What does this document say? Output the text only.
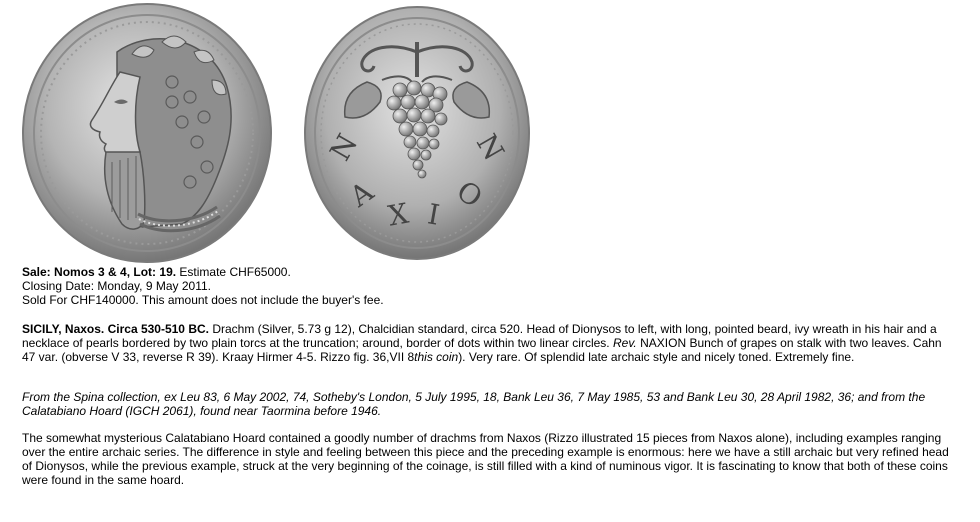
N
A
X I
O
N
Sale: Nomos 3 & 4, Lot: 19. Estimate CHF65000.
Closing Date: Monday, 9 May 2011.
Sold For CHF140000. This amount does not include the buyer's fee.
SICILY, Naxos. Circa 530-510 BC. Drachm (Silver, 5.73 g 12), Chalcidian standard, circa 520. Head of Dionysos to left, with long, pointed beard, ivy wreath in his hair and a
necklace of pearls bordered by two plain torcs at the truncation; around, border of dots within two linear circles. Rev. NAXION Bunch of grapes on stalk with two leaves. Cahn
47 var. (obverse V 33, reverse R 39). Kraay Hirmer 4-5. Rizzo fig. 36,VII 8this coin). Very rare. Of splendid late archaic style and nicely toned. Extremely fine.
From the Spina collection, ex Leu 83, 6 May 2002, 74, Sotheby's London, 5 July 1995, 18, Bank Leu 36, 7 May 1985, 53 and Bank Leu 30, 28 April 1982, 36; and from the
Calatabiano Hoard (IGCH 2061), found near Taormina before 1946.
The somewhat mysterious Calatabiano Hoard contained a goodly number of drachms from Naxos (Rizzo illustrated 15 pieces from Naxos alone), including examples ranging
over the entire archaic series. The difference in style and feeling between this piece and the preceding example is enormous: here we have a still archaic but very refined head
of Dionysos, while the previous example, struck at the very beginning of the coinage, is still filled with a kind of numinous vigor. It is fascinating to know that both of these coins
were found in the same hoard.
